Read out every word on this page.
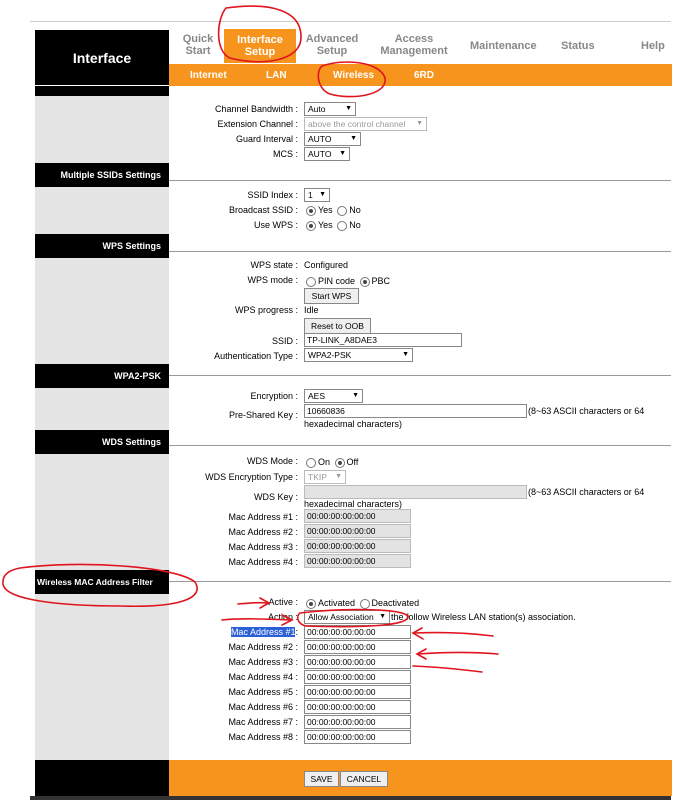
Interface
Quick Start
Interface Setup
Advanced Setup
Access Management	Maintenance Status	Help
Internet	LAN	Wireless	6RD
Channel Bandwidth :	Auto	▼
Extension Channel :	above the control channel ▼
Guard Interval :	AUTO	▼
MCS :	AUTO ▼
Multiple SSIDs Settings
SSID Index :	1 ▼
Broadcast SSID :	Yes No
Use WPS :	Yes No
WPS Settings
WPS state : Configured
WPS mode :	PIN code PBC
Start WPS
WPS progress : Idle
Reset to OOB
SSID :	TP-LINK_A8DAE3
Authentication Type :	WPA2-PSK	▼
WPA2-PSK
Encryption :	AES	▼
Pre-Shared Key :	10660836	(8~63 ASCII characters or 64
hexadecimal characters)
WDS Settings
WDS Mode :	On Off
WDS Encryption Type :	TKIP ▼
WDS Key :	(8~63 ASCII characters or 64
hexadecimal characters)
Mac Address #1 :	00:00:00:00:00:00
Mac Address #2 :	00:00:00:00:00:00
Mac Address #3 :	00:00:00:00:00:00
Mac Address #4 :	00:00:00:00:00:00
Wireless MAC Address Filter
Active :	Activated Deactivated
Action :	Allow Association ▼ the follow Wireless LAN station(s) association.
Mac Address #1:	00:00:00:00:00:00
Mac Address #2 :	00:00:00:00:00:00
Mac Address #3 :	00:00:00:00:00:00
Mac Address #4 :	00:00:00:00:00:00
Mac Address #5 :	00:00:00:00:00:00
Mac Address #6 :	00:00:00:00:00:00
Mac Address #7 :	00:00:00:00:00:00
Mac Address #8 :	00:00:00:00:00:00
SAVE	CANCEL
